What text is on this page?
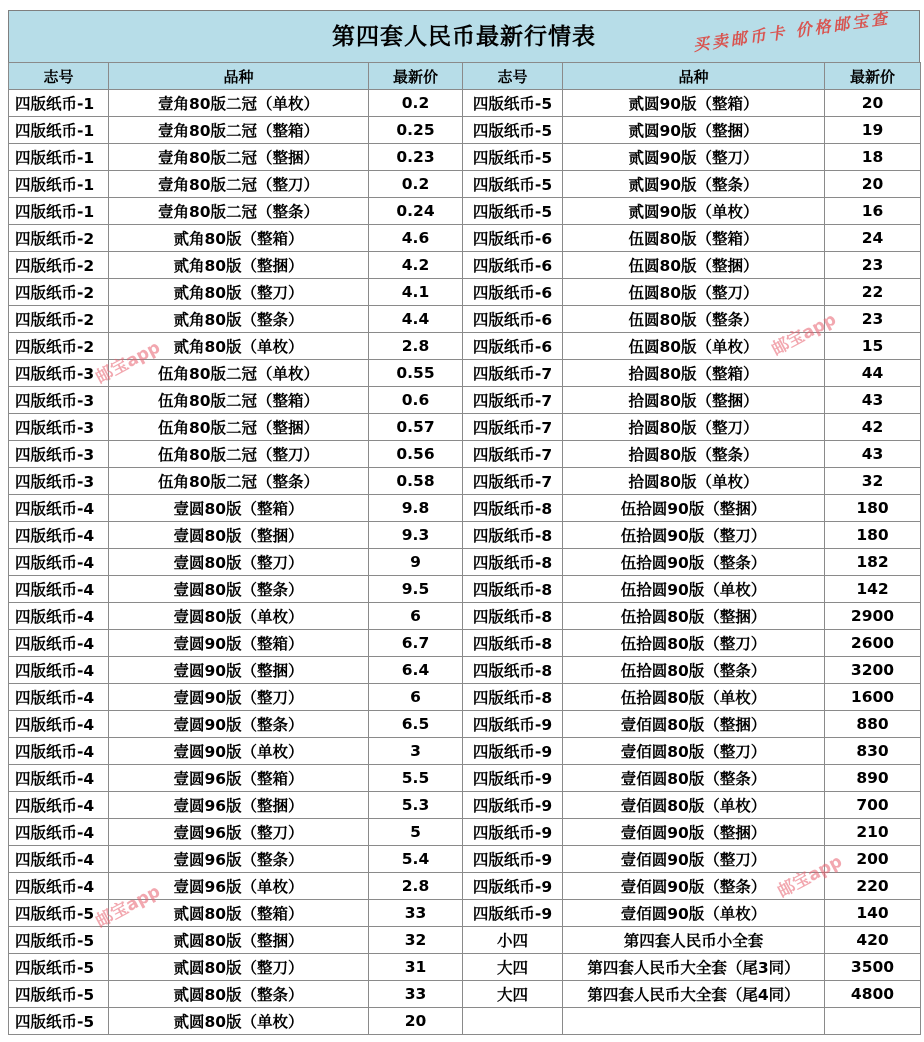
第四套人民币最新行情表	买卖邮币卡 价格邮宝查
志号	品种	最新价	志号	品种	最新价
四版纸币-1	壹角80版二冠（单枚）	0.2	四版纸币-5	贰圆90版（整箱）	20
四版纸币-1	壹角80版二冠（整箱）	0.25	四版纸币-5	贰圆90版（整捆）	19
四版纸币-1	壹角80版二冠（整捆）	0.23	四版纸币-5	贰圆90版（整刀）	18
四版纸币-1	壹角80版二冠（整刀）	0.2	四版纸币-5	贰圆90版（整条）	20
四版纸币-1	壹角80版二冠（整条）	0.24	四版纸币-5	贰圆90版（单枚）	16
四版纸币-2	贰角80版（整箱）	4.6	四版纸币-6	伍圆80版（整箱）	24
四版纸币-2	贰角80版（整捆）	4.2	四版纸币-6	伍圆80版（整捆）	23
四版纸币-2	贰角80版（整刀）	4.1	四版纸币-6	伍圆80版（整刀）	22
四版纸币-2	贰角80版（整条）	4.4	四版纸币-6	伍圆80版（整条）	23
四版纸币-2	贰角80版（单枚）	2.8	四版纸币-6	伍圆80版（单枚）	15
四版纸币-3	伍角80版二冠（单枚）	0.55	四版纸币-7	拾圆80版（整箱）	44
四版纸币-3	伍角80版二冠（整箱）	0.6	四版纸币-7	拾圆80版（整捆）	43
四版纸币-3	伍角80版二冠（整捆）	0.57	四版纸币-7	拾圆80版（整刀）	42
四版纸币-3	伍角80版二冠（整刀）	0.56	四版纸币-7	拾圆80版（整条）	43
四版纸币-3	伍角80版二冠（整条）	0.58	四版纸币-7	拾圆80版（单枚）	32
四版纸币-4	壹圆80版（整箱）	9.8	四版纸币-8	伍拾圆90版（整捆）	180
四版纸币-4	壹圆80版（整捆）	9.3	四版纸币-8	伍拾圆90版（整刀）	180
四版纸币-4	壹圆80版（整刀）	9	四版纸币-8	伍拾圆90版（整条）	182
四版纸币-4	壹圆80版（整条）	9.5	四版纸币-8	伍拾圆90版（单枚）	142
四版纸币-4	壹圆80版（单枚）	6	四版纸币-8	伍拾圆80版（整捆）	2900
四版纸币-4	壹圆90版（整箱）	6.7	四版纸币-8	伍拾圆80版（整刀）	2600
四版纸币-4	壹圆90版（整捆）	6.4	四版纸币-8	伍拾圆80版（整条）	3200
四版纸币-4	壹圆90版（整刀）	6	四版纸币-8	伍拾圆80版（单枚）	1600
四版纸币-4	壹圆90版（整条）	6.5	四版纸币-9	壹佰圆80版（整捆）	880
四版纸币-4	壹圆90版（单枚）	3	四版纸币-9	壹佰圆80版（整刀）	830
四版纸币-4	壹圆96版（整箱）	5.5	四版纸币-9	壹佰圆80版（整条）	890
四版纸币-4	壹圆96版（整捆）	5.3	四版纸币-9	壹佰圆80版（单枚）	700
四版纸币-4	壹圆96版（整刀）	5	四版纸币-9	壹佰圆90版（整捆）	210
四版纸币-4	壹圆96版（整条）	5.4	四版纸币-9	壹佰圆90版（整刀）	200
四版纸币-4	壹圆96版（单枚）	2.8	四版纸币-9	壹佰圆90版（整条）	220
四版纸币-5	贰圆80版（整箱）	33	四版纸币-9	壹佰圆90版（单枚）	140
四版纸币-5	贰圆80版（整捆）	32	小四	第四套人民币小全套	420
四版纸币-5	贰圆80版（整刀）	31	大四	第四套人民币大全套（尾3同）	3500
四版纸币-5	贰圆80版（整条）	33	大四	第四套人民币大全套（尾4同）	4800
四版纸币-5	贰圆80版（单枚）	20			
邮宝app
邮宝app
邮宝app
邮宝app
